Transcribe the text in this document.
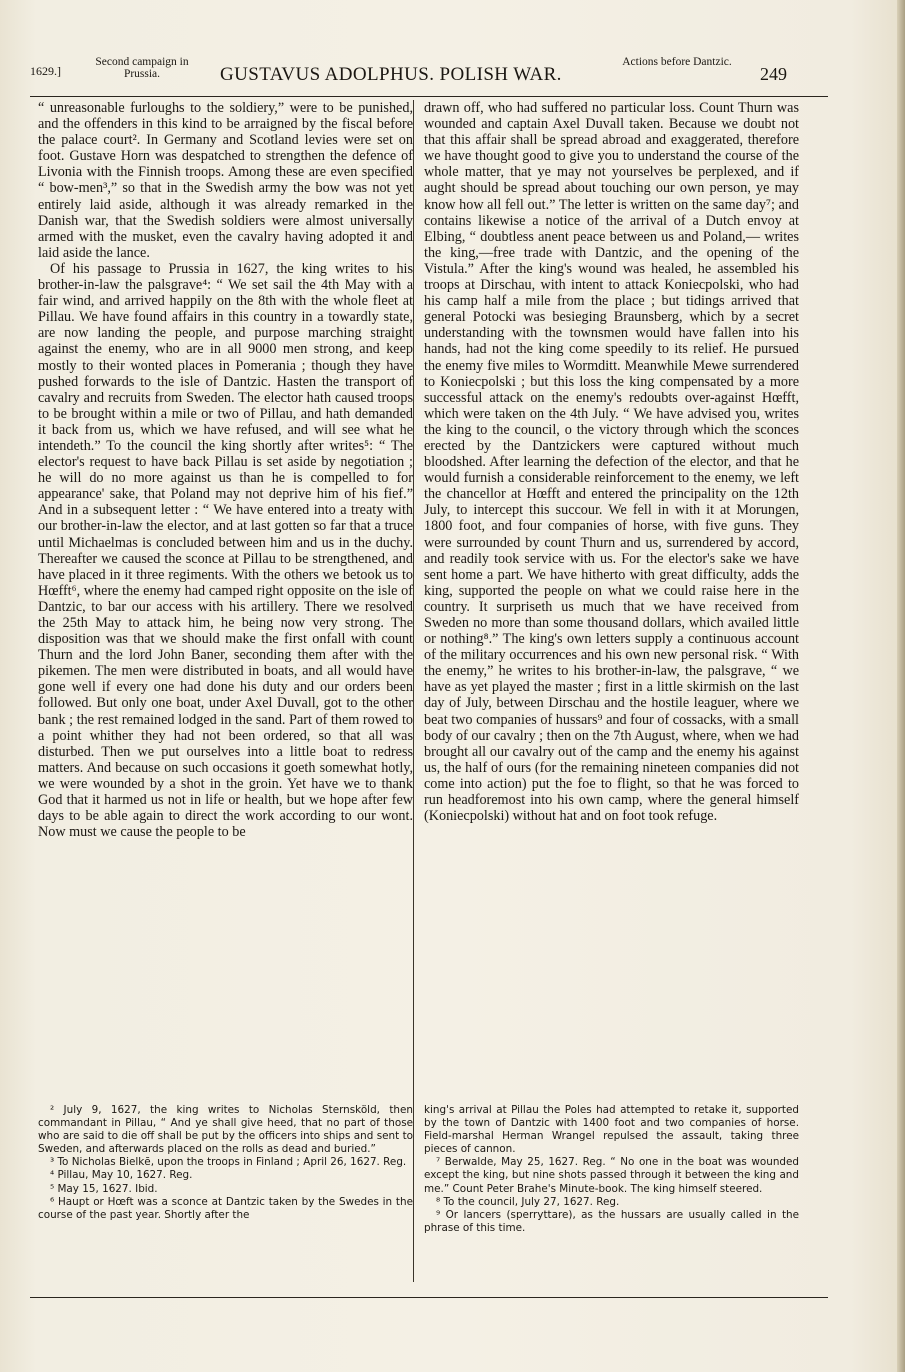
1629.]
Second campaign in Prussia.	GUSTAVUS ADOLPHUS. POLISH WAR.
Actions before Dantzic.
249

“ unreasonable furloughs to the soldiery,” were to be punished, and the offenders in this kind to be arraigned by the fiscal before the palace court². In Germany and Scotland levies were set on foot. Gustave Horn was despatched to strengthen the defence of Livonia with the Finnish troops. Among these are even specified “ bow-men³,” so that in the Swedish army the bow was not yet entirely laid aside, although it was already remarked in the Danish war, that the Swedish soldiers were almost universally armed with the musket, even the cavalry having adopted it and laid aside the lance.

Of his passage to Prussia in 1627, the king writes to his brother-in-law the palsgrave⁴: “ We set sail the 4th May with a fair wind, and arrived happily on the 8th with the whole fleet at Pillau. We have found affairs in this country in a towardly state, are now landing the people, and purpose marching straight against the enemy, who are in all 9000 men strong, and keep mostly to their wonted places in Pomerania ; though they have pushed forwards to the isle of Dantzic. Hasten the transport of cavalry and recruits from Sweden. The elector hath caused troops to be brought within a mile or two of Pillau, and hath demanded it back from us, which we have refused, and will see what he intendeth.” To the council the king shortly after writes⁵: “ The elector's request to have back Pillau is set aside by negotiation ; he will do no more against us than he is compelled to for appearance' sake, that Poland may not deprive him of his fief.” And in a subsequent letter : “ We have entered into a treaty with our brother-in-law the elector, and at last gotten so far that a truce until Michaelmas is concluded between him and us in the duchy. Thereafter we caused the sconce at Pillau to be strengthened, and have placed in it three regiments. With the others we betook us to Hœfft⁶, where the enemy had camped right opposite on the isle of Dantzic, to bar our access with his artillery. There we resolved the 25th May to attack him, he being now very strong. The disposition was that we should make the first onfall with count Thurn and the lord John Baner, seconding them after with the pikemen. The men were distributed in boats, and all would have gone well if every one had done his duty and our orders been followed. But only one boat, under Axel Duvall, got to the other bank ; the rest remained lodged in the sand. Part of them rowed to a point whither they had not been ordered, so that all was disturbed. Then we put ourselves into a little boat to redress matters. And because on such occasions it goeth somewhat hotly, we were wounded by a shot in the groin. Yet have we to thank God that it harmed us not in life or health, but we hope after few days to be able again to direct the work according to our wont. Now must we cause the people to be

drawn off, who had suffered no particular loss. Count Thurn was wounded and captain Axel Duvall taken. Because we doubt not that this affair shall be spread abroad and exaggerated, therefore we have thought good to give you to understand the course of the whole matter, that ye may not yourselves be perplexed, and if aught should be spread about touching our own person, ye may know how all fell out.” The letter is written on the same day⁷; and contains likewise a notice of the arrival of a Dutch envoy at Elbing, “ doubtless anent peace between us and Poland,— writes the king,—free trade with Dantzic, and the opening of the Vistula.” After the king's wound was healed, he assembled his troops at Dirschau, with intent to attack Koniecpolski, who had his camp half a mile from the place ; but tidings arrived that general Potocki was besieging Braunsberg, which by a secret understanding with the townsmen would have fallen into his hands, had not the king come speedily to its relief. He pursued the enemy five miles to Wormditt. Meanwhile Mewe surrendered to Koniecpolski ; but this loss the king compensated by a more successful attack on the enemy's redoubts over-against Hœfft, which were taken on the 4th July. “ We have advised you, writes the king to the council, o the victory through which the sconces erected by the Dantzickers were captured without much bloodshed. After learning the defection of the elector, and that he would furnish a considerable reinforcement to the enemy, we left the chancellor at Hœfft and entered the principality on the 12th July, to intercept this succour. We fell in with it at Morungen, 1800 foot, and four companies of horse, with five guns. They were surrounded by count Thurn and us, surrendered by accord, and readily took service with us. For the elector's sake we have sent home a part. We have hitherto with great difficulty, adds the king, supported the people on what we could raise here in the country. It surpriseth us much that we have received from Sweden no more than some thousand dollars, which availed little or nothing⁸.” The king's own letters supply a continuous account of the military occurrences and his own new personal risk. “ With the enemy,” he writes to his brother-in-law, the palsgrave, “ we have as yet played the master ; first in a little skirmish on the last day of July, between Dirschau and the hostile leaguer, where we beat two companies of hussars⁹ and four of cossacks, with a small body of our cavalry ; then on the 7th August, where, when we had brought all our cavalry out of the camp and the enemy his against us, the half of ours (for the remaining nineteen companies did not come into action) put the foe to flight, so that he was forced to run headforemost into his own camp, where the general himself (Koniecpolski) without hat and on foot took refuge.

² July 9, 1627, the king writes to Nicholas Sternsköld, then commandant in Pillau, “ And ye shall give heed, that no part of those who are said to die off shall be put by the officers into ships and sent to Sweden, and afterwards placed on the rolls as dead and buried.”

³ To Nicholas Bielkē, upon the troops in Finland ; April 26, 1627. Reg.

⁴ Pillau, May 10, 1627. Reg.

⁵ May 15, 1627. Ibid.

⁶ Haupt or Hœft was a sconce at Dantzic taken by the Swedes in the course of the past year. Shortly after the

king's arrival at Pillau the Poles had attempted to retake it, supported by the town of Dantzic with 1400 foot and two companies of horse. Field-marshal Herman Wrangel repulsed the assault, taking three pieces of cannon.

⁷ Berwalde, May 25, 1627. Reg. “ No one in the boat was wounded except the king, but nine shots passed through it between the king and me.” Count Peter Brahe's Minute-book. The king himself steered.

⁸ To the council, July 27, 1627. Reg.

⁹ Or lancers (sperryttare), as the hussars are usually called in the phrase of this time.
